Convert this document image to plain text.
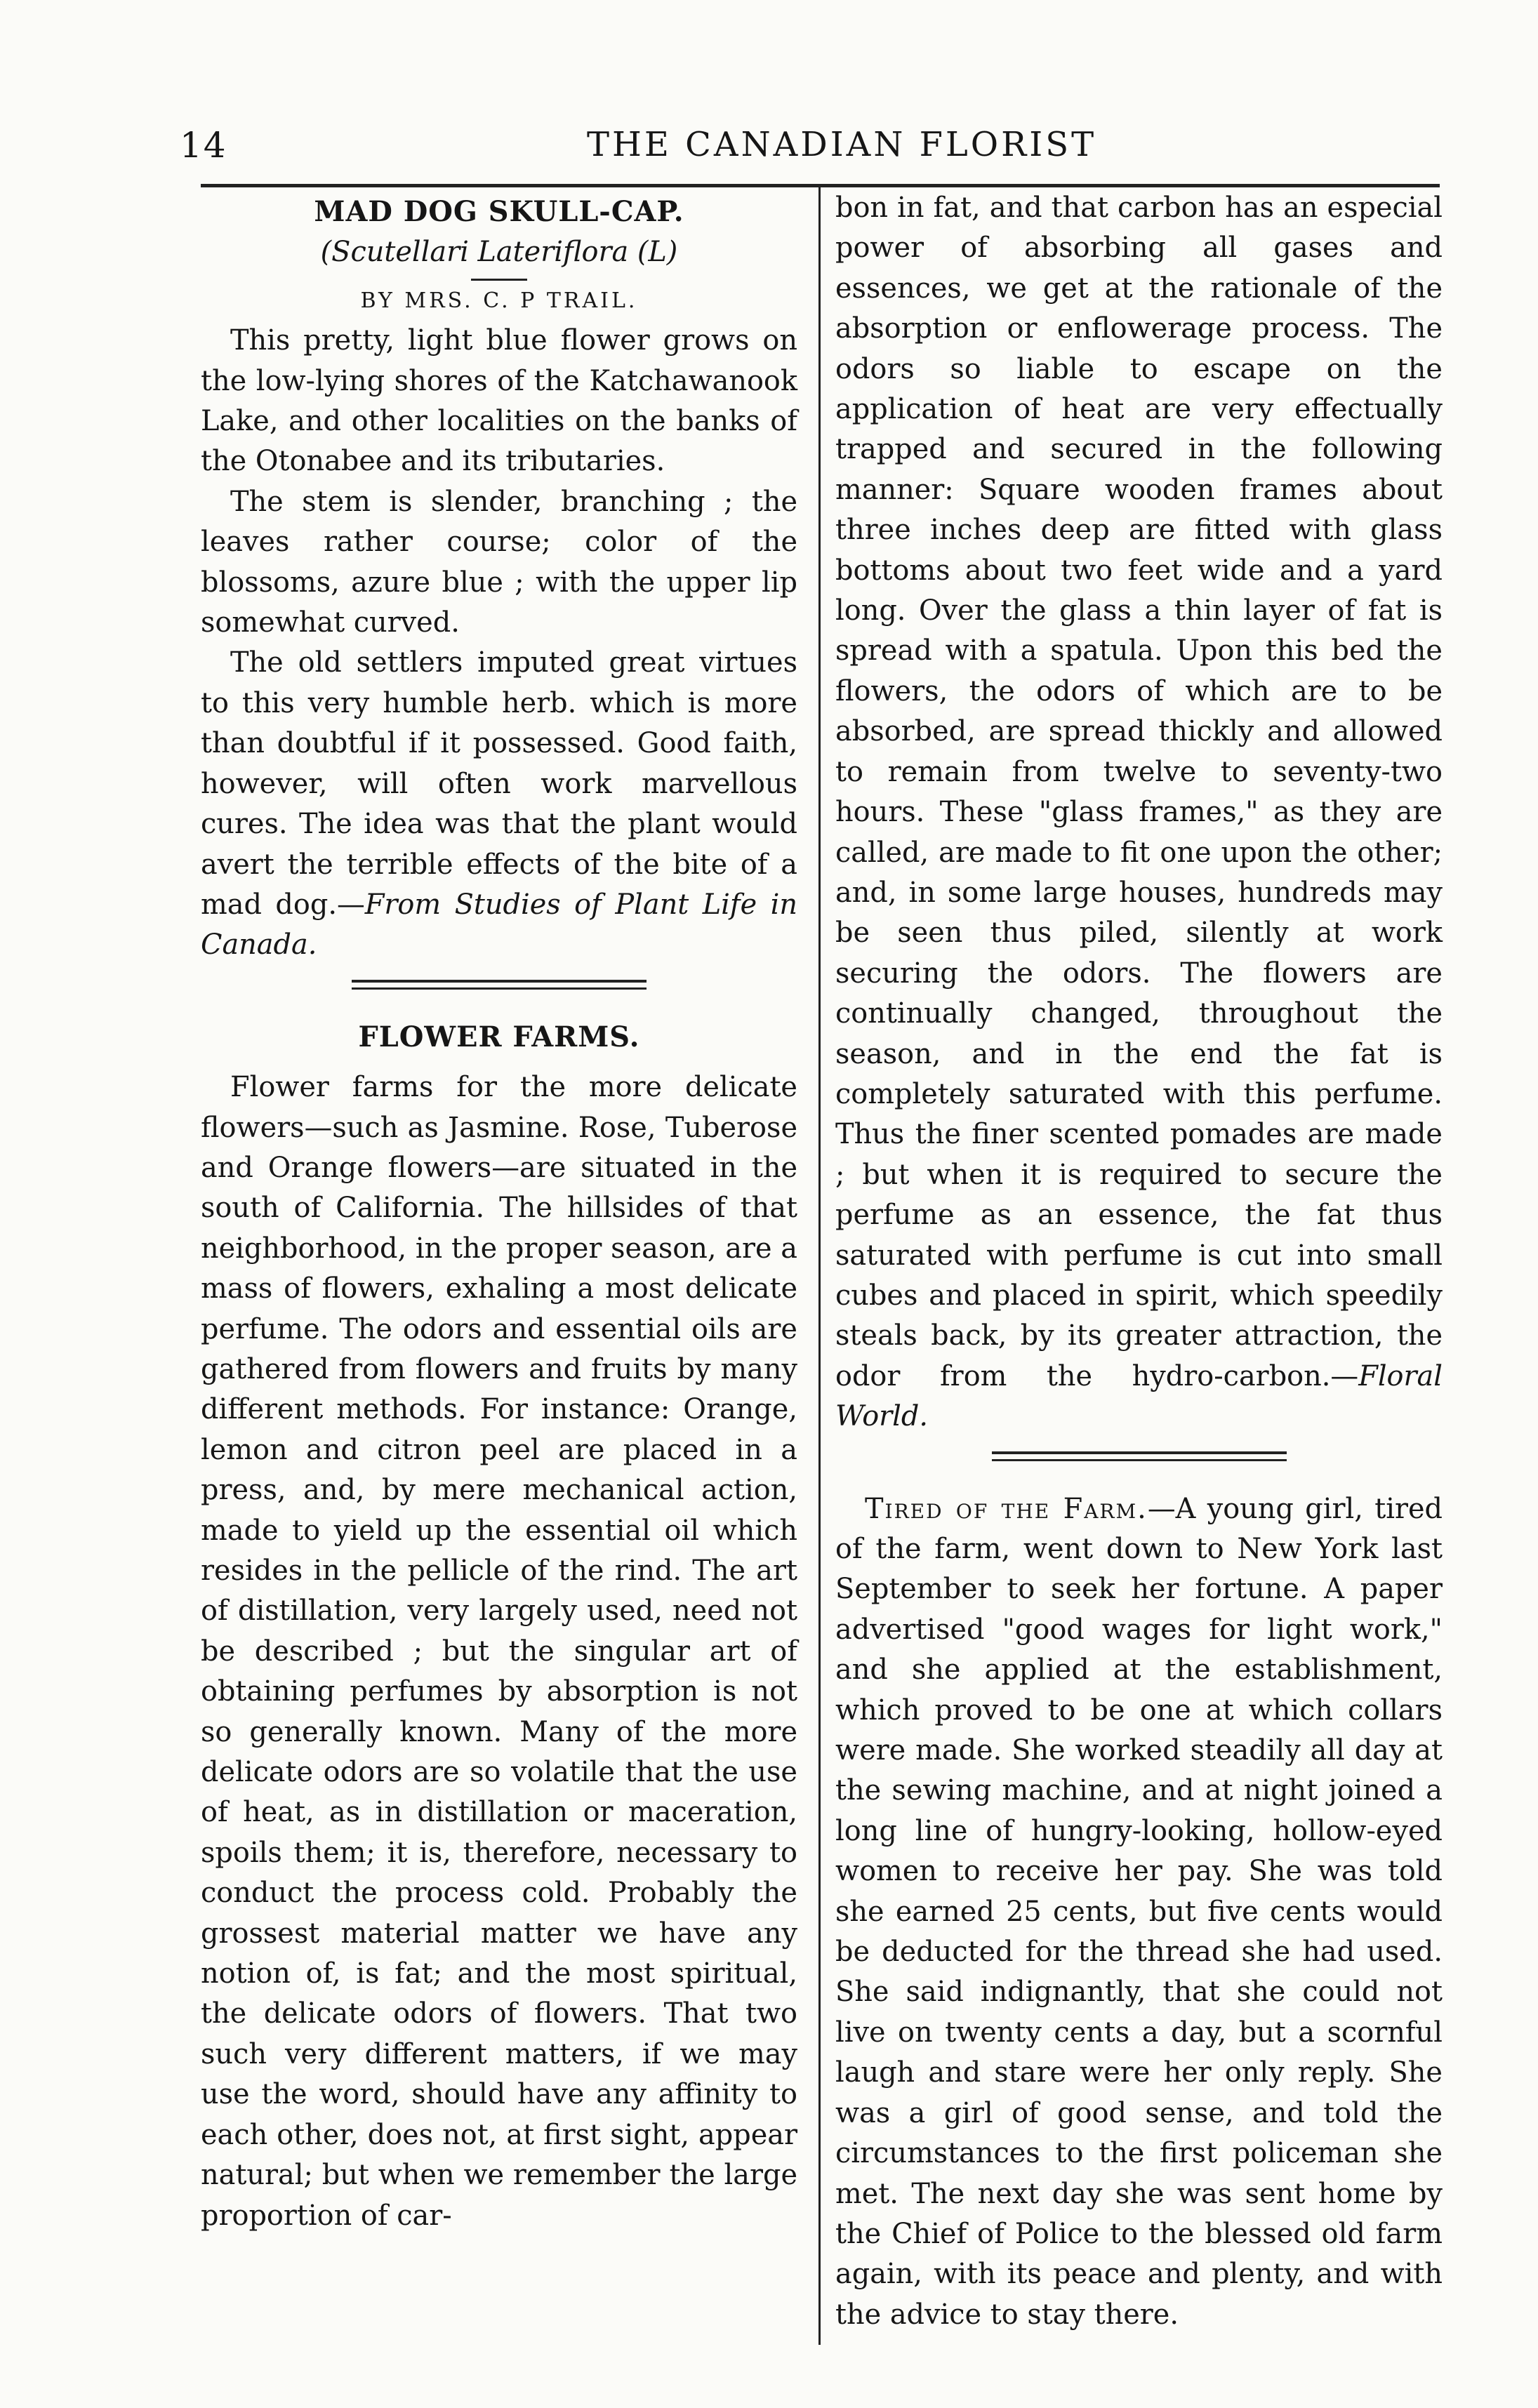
14	THE CANADIAN FLORIST

MAD DOG SKULL-CAP.

(Scutellari Lateriflora (L)

BY MRS. C. P TRAIL.

This pretty, light blue flower grows on the low-lying shores of the Katchawanook Lake, and other localities on the banks of the Otonabee and its tributaries.

The stem is slender, branching ; the leaves rather course; color of the blossoms, azure blue ; with the upper lip somewhat curved.

The old settlers imputed great virtues to this very humble herb. which is more than doubtful if it possessed. Good faith, however, will often work marvellous cures. The idea was that the plant would avert the terrible effects of the bite of a mad dog.—From Studies of Plant Life in Canada.

FLOWER FARMS.

Flower farms for the more delicate flowers—such as Jasmine. Rose, Tuberose and Orange flowers—are situated in the south of California. The hillsides of that neighborhood, in the proper season, are a mass of flowers, exhaling a most delicate perfume. The odors and essential oils are gathered from flowers and fruits by many different methods. For instance: Orange, lemon and citron peel are placed in a press, and, by mere mechanical action, made to yield up the essential oil which resides in the pellicle of the rind. The art of distillation, very largely used, need not be described ; but the singular art of obtaining perfumes by absorption is not so generally known. Many of the more delicate odors are so volatile that the use of heat, as in distillation or maceration, spoils them; it is, therefore, necessary to conduct the process cold. Probably the grossest material matter we have any notion of, is fat; and the most spiritual, the delicate odors of flowers. That two such very different matters, if we may use the word, should have any affinity to each other, does not, at first sight, appear natural; but when we remember the large proportion of car-

bon in fat, and that carbon has an especial power of absorbing all gases and essences, we get at the rationale of the absorption or enflowerage process. The odors so liable to escape on the application of heat are very effectually trapped and secured in the following manner: Square wooden frames about three inches deep are fitted with glass bottoms about two feet wide and a yard long. Over the glass a thin layer of fat is spread with a spatula. Upon this bed the flowers, the odors of which are to be absorbed, are spread thickly and allowed to remain from twelve to seventy-two hours. These "glass frames," as they are called, are made to fit one upon the other; and, in some large houses, hundreds may be seen thus piled, silently at work securing the odors. The flowers are continually changed, throughout the season, and in the end the fat is completely saturated with this perfume. Thus the finer scented pomades are made ; but when it is required to secure the perfume as an essence, the fat thus saturated with perfume is cut into small cubes and placed in spirit, which speedily steals back, by its greater attraction, the odor from the hydro-carbon.—Floral World.

Tired of the Farm.—A young girl, tired of the farm, went down to New York last September to seek her fortune. A paper advertised "good wages for light work," and she applied at the establishment, which proved to be one at which collars were made. She worked steadily all day at the sewing machine, and at night joined a long line of hungry-looking, hollow-eyed women to receive her pay. She was told she earned 25 cents, but five cents would be deducted for the thread she had used. She said indignantly, that she could not live on twenty cents a day, but a scornful laugh and stare were her only reply. She was a girl of good sense, and told the circumstances to the first policeman she met. The next day she was sent home by the Chief of Police to the blessed old farm again, with its peace and plenty, and with the advice to stay there.
